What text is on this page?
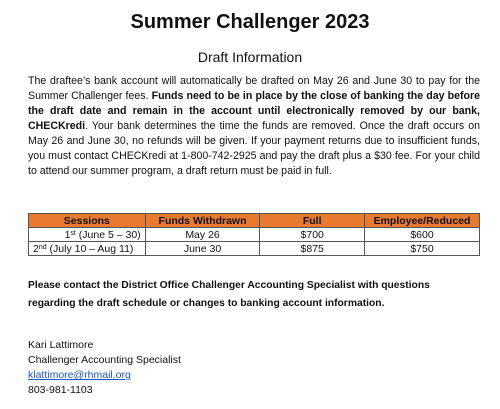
Summer Challenger 2023
Draft Information
The draftee’s bank account will automatically be drafted on May 26 and June 30 to pay for the Summer Challenger fees. Funds need to be in place by the close of banking the day before the draft date and remain in the account until electronically removed by our bank, CHECKredi. Your bank determines the time the funds are removed. Once the draft occurs on May 26 and June 30, no refunds will be given. If your payment returns due to insufficient funds, you must contact CHECKredi at 1-800-742-2925 and pay the draft plus a $30 fee. For your child to attend our summer program, a draft return must be paid in full.
Sessions	Funds Withdrawn	Full	Employee/Reduced
1st (June 5 – 30)	May 26	$700	$600
2nd (July 10 – Aug 11)	June 30	$875	$750
Please contact the District Office Challenger Accounting Specialist with questions regarding the draft schedule or changes to banking account information.
Kari Lattimore
Challenger Accounting Specialist
klattimore@rhmail.org
803-981-1103
